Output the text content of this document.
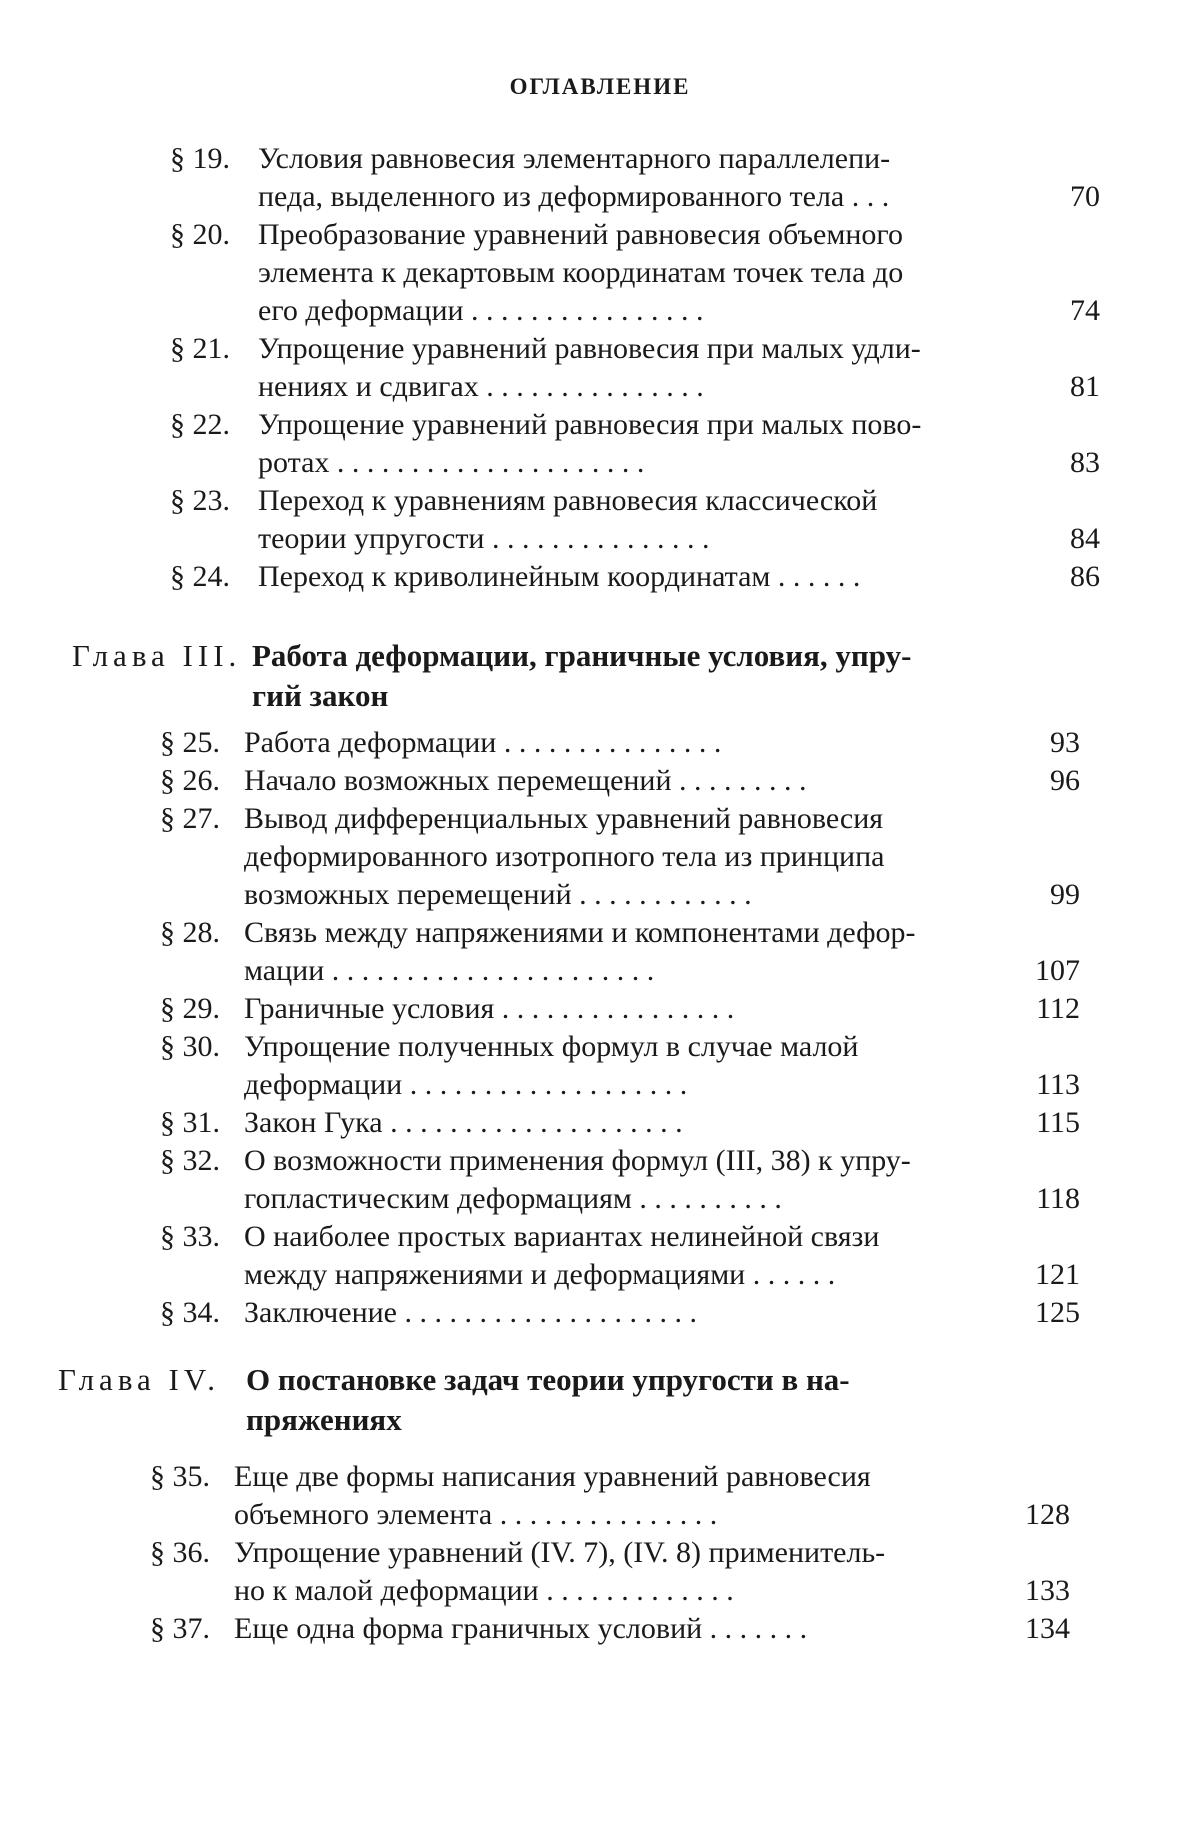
ОГЛАВЛЕНИЕ
§ 19. Условия равновесия элементарного параллелепи-
педа, выделенного из деформированного тела . . .	70
§ 20. Преобразование уравнений равновесия объемного
элемента к декартовым координатам точек тела до
его деформации . . . . . . . . . . . . . . . .	74
§ 21. Упрощение уравнений равновесия при малых удли-
нениях и сдвигах . . . . . . . . . . . . . . .	81
§ 22. Упрощение уравнений равновесия при малых пово-
ротах . . . . . . . . . . . . . . . . . . . . .	83
§ 23. Переход к уравнениям равновесия классической
теории упругости . . . . . . . . . . . . . . .	84
§ 24. Переход к криволинейным координатам . . . . . .	86
Глава III. Работа деформации, граничные условия, упру-
гий закон
§ 25. Работа деформации . . . . . . . . . . . . . . .	93
§ 26. Начало возможных перемещений . . . . . . . . .	96
§ 27. Вывод дифференциальных уравнений равновесия
деформированного изотропного тела из принципа
возможных перемещений . . . . . . . . . . . .	99
§ 28. Связь между напряжениями и компонентами дефор-
мации . . . . . . . . . . . . . . . . . . . . . .	107
§ 29. Граничные условия . . . . . . . . . . . . . . . .	112
§ 30. Упрощение полученных формул в случае малой
деформации . . . . . . . . . . . . . . . . . . .	113
§ 31. Закон Гука . . . . . . . . . . . . . . . . . . . .	115
§ 32. О возможности применения формул (III, 38) к упру-
гопластическим деформациям . . . . . . . . . .	118
§ 33. О наиболее простых вариантах нелинейной связи
между напряжениями и деформациями . . . . . .	121
§ 34. Заключение . . . . . . . . . . . . . . . . . . . .	125
Глава IV. О постановке задач теории упругости в на-
пряжениях
§ 35. Еще две формы написания уравнений равновесия
объемного элемента . . . . . . . . . . . . . . .	128
§ 36. Упрощение уравнений (IV. 7), (IV. 8) применитель-
но к малой деформации . . . . . . . . . . . . .	133
§ 37. Еще одна форма граничных условий . . . . . . .	134
